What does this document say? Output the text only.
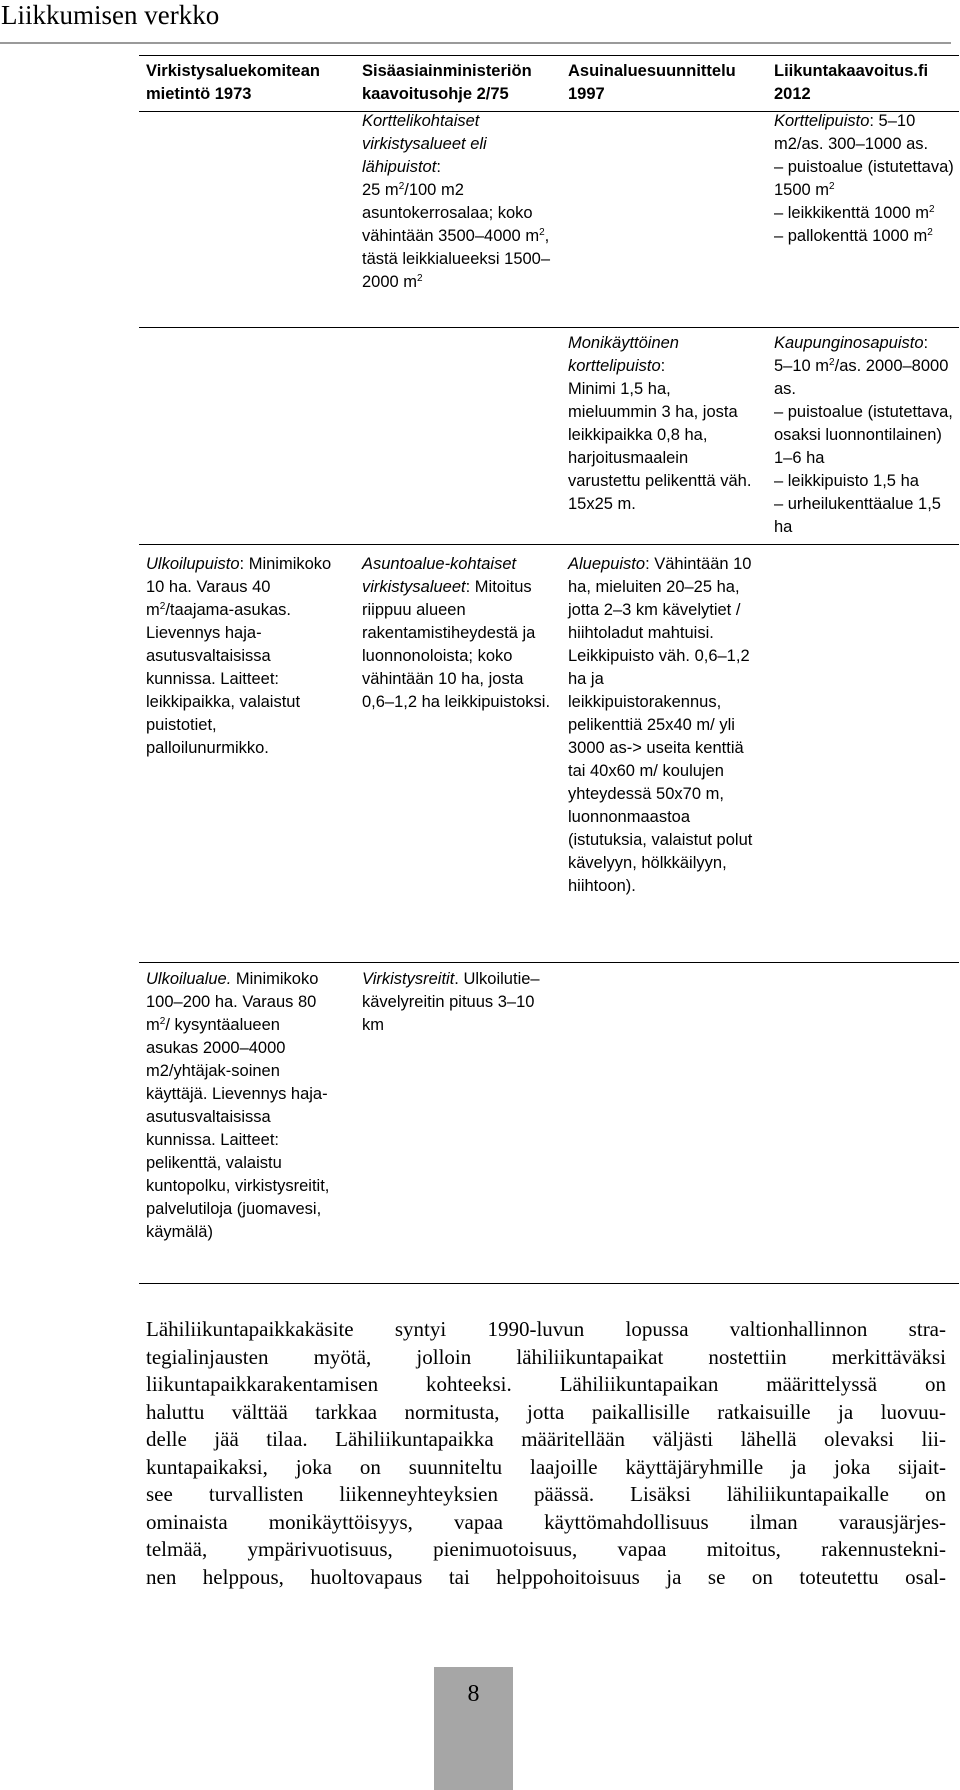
Liikkumisen verkko
Virkistysaluekomitean mietintö 1973
Sisäasiainministeriön kaavoitusohje 2/75
Asuinaluesuunnittelu 1997
Liikuntakaavoitus.fi 2012
Korttelikohtaiset virkistysalueet eli lähipuistot:
25 $m^2/100$ m2 asuntokerrosalaa; koko vähintään 3500–4000 $m^2$, tästä leikkialueeksi 1500–2000 $m^2$
Korttelipuisto: 5–10 m2/as. 300–1000 as.
– puistoalue (istutettava) 1500 $m^2$
– leikkikenttä 1000 $m^2$
– pallokenttä 1000 $m^2$
Monikäyttöinen korttelipuisto:
Minimi 1,5 ha, mieluummin 3 ha, josta leikkipaikka 0,8 ha, harjoitusmaalein varustettu pelikenttä väh. 15x25 m.
Kaupunginosapuisto:
5–10 $m^2/as$. 2000–8000 as.
– puistoalue (istutettava, osaksi luonnontilainen) 1–6 ha
– leikkipuisto 1,5 ha
– urheilukenttäalue 1,5 ha
Ulkoilupuisto: Minimikoko 10 ha. Varaus 40 $m^2/taajama$-asukas. Lievennys haja-asutusvaltaisissa kunnissa. Laitteet: leikkipaikka, valaistut puistotiet, palloilunurmikko.
Asuntoalue-kohtaiset virkistysalueet: Mitoitus riippuu alueen rakentamistiheydestä ja luonnonoloista; koko vähintään 10 ha, josta 0,6–1,2 ha leikkipuistoksi.
Aluepuisto: Vähintään 10 ha, mieluiten 20–25 ha, jotta 2–3 km kävelytiet / hiihtoladut mahtuisi. Leikkipuisto väh. 0,6–1,2 ha ja leikkipuistorakennus, pelikenttiä 25x40 m/ yli 3000 as-> useita kenttiä tai 40x60 m/ koulujen yhteydessä 50x70 m, luonnonmaastoa (istutuksia, valaistut polut kävelyyn, hölkkäilyyn, hiihtoon).
Ulkoilualue. Minimikoko 100–200 ha. Varaus 80 $m^2/$ kysyntäalueen asukas 2000–4000 m2/yhtäjak-soinen käyttäjä. Lievennys haja-asutusvaltaisissa kunnissa. Laitteet: pelikenttä, valaistu kuntopolku, virkistysreitit, palvelutiloja (juomavesi, käymälä)
Virkistysreitit. Ulkoilutie–kävelyreitin pituus 3–10 km
Lähiliikuntapaikkakäsite syntyi 1990-luvun lopussa valtionhallinnon stra-
tegialinjausten myötä, jolloin lähiliikuntapaikat nostettiin merkittäväksi
liikuntapaikkarakentamisen kohteeksi. Lähiliikuntapaikan määrittelyssä on
haluttu välttää tarkkaa normitusta, jotta paikallisille ratkaisuille ja luovuu-
delle jää tilaa. Lähiliikuntapaikka määritellään väljästi lähellä olevaksi lii-
kuntapaikaksi, joka on suunniteltu laajoille käyttäjäryhmille ja joka sijait-
see turvallisten liikenneyhteyksien päässä. Lisäksi lähiliikuntapaikalle on
ominaista monikäyttöisyys, vapaa käyttömahdollisuus ilman varausjärjes-
telmää, ympärivuotisuus, pienimuotoisuus, vapaa mitoitus, rakennustekni-
nen helppous, huoltovapaus tai helppohoitoisuus ja se on toteutettu osal-
8
